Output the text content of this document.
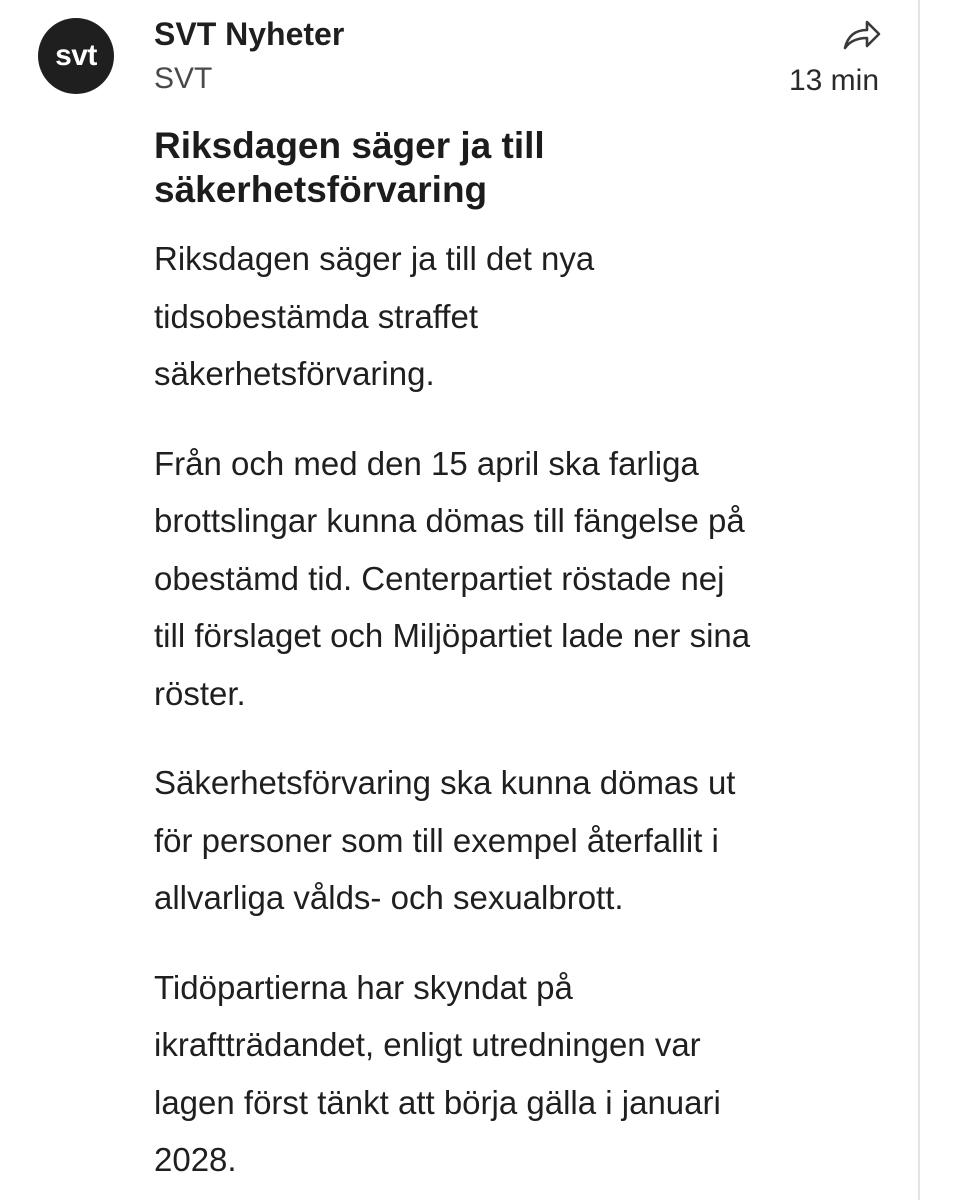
svt
SVT Nyheter
SVT	13 min
Riksdagen säger ja till
säkerhetsförvaring

Riksdagen säger ja till det nya
tidsobestämda straffet
säkerhetsförvaring.

Från och med den 15 april ska farliga
brottslingar kunna dömas till fängelse på
obestämd tid. Centerpartiet röstade nej
till förslaget och Miljöpartiet lade ner sina
röster.

Säkerhetsförvaring ska kunna dömas ut
för personer som till exempel återfallit i
allvarliga vålds- och sexualbrott.

Tidöpartierna har skyndat på
ikraftträdandet, enligt utredningen var
lagen först tänkt att börja gälla i januari
2028.
